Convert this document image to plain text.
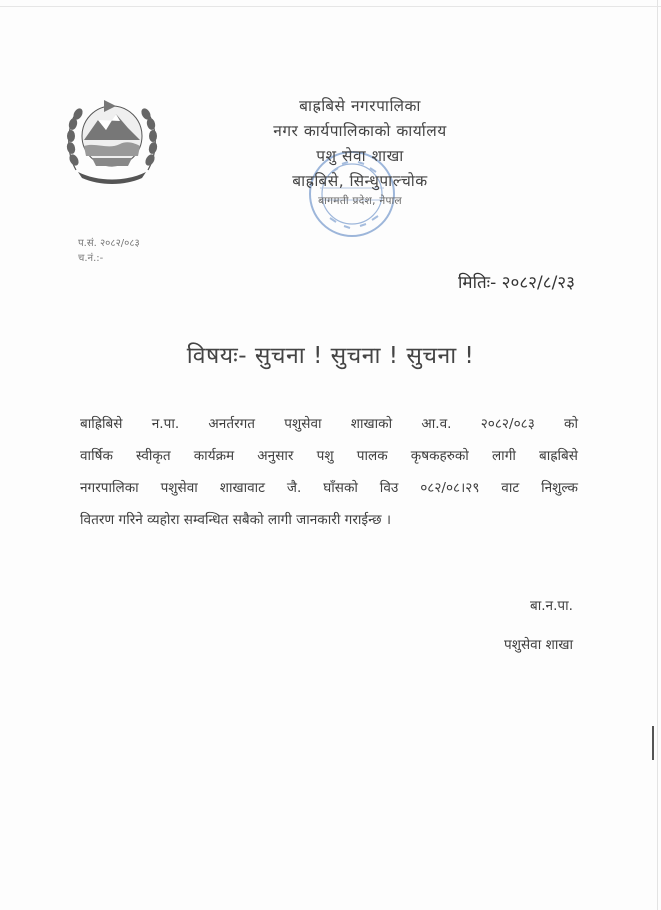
बाह्रबिसे नगरपालिका
नगर कार्यपालिकाको कार्यालय
पशु सेवा शाखा
बाह्रबिसे, सिन्धुपाल्चोक
बागमती प्रदेश, नेपाल
प.सं. २०८२/०८३
च.नं.:-
मितिः- २०८२/८/२३
विषयः- सुचना ! सुचना ! सुचना !
बाह्रिबिसे न.पा. अनर्तरगत पशुसेवा शाखाको आ.व. २०८२/०८३ को
वार्षिक स्वीकृत कार्यक्रम अनुसार पशु पालक कृषकहरुको लागी बाह्रबिसे
नगरपालिका पशुसेवा शाखावाट जै. घाँसको विउ ०८२/०८।२९ वाट निशुल्क
वितरण गरिने व्यहोरा सम्वन्धित सबैको लागी जानकारी गराईन्छ ।
बा.न.पा.
पशुसेवा शाखा
